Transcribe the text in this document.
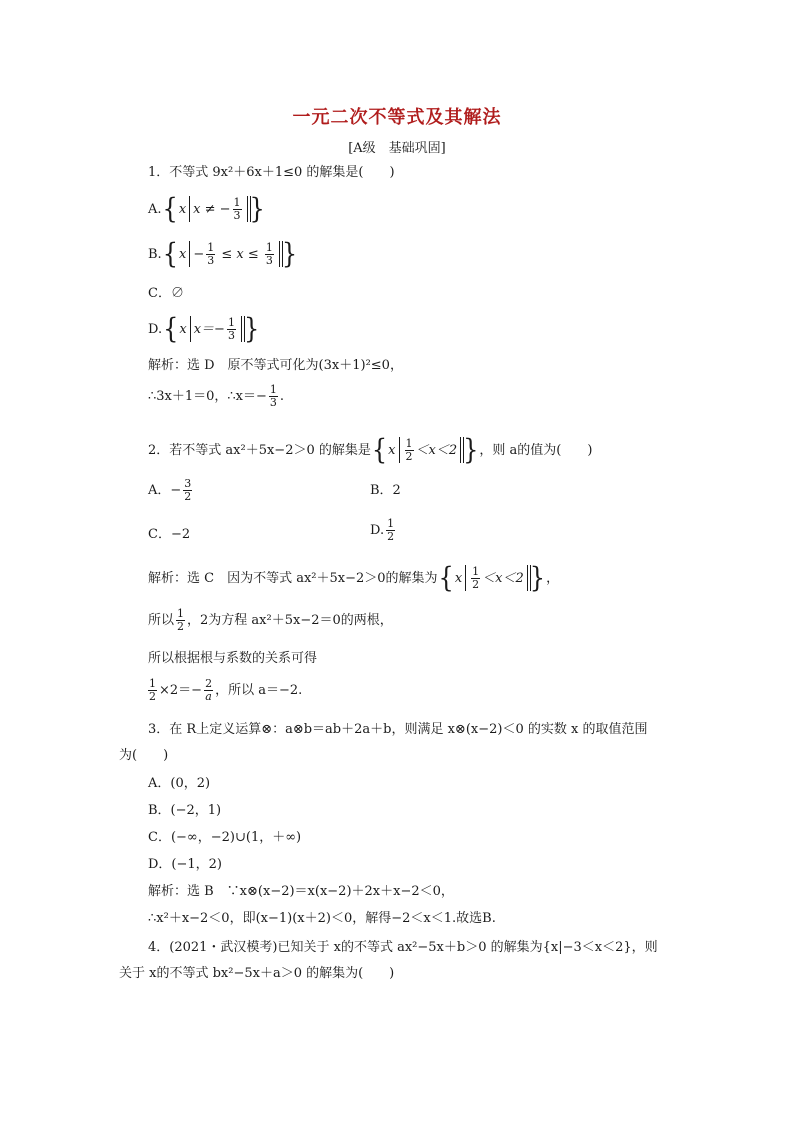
一元二次不等式及其解法
[A级　基础巩固]
1．不等式 9x²＋6x＋1≤0 的解集是(　　)
A. { x x ≠ − $\frac{1}{3}$ }
B. { $x - \frac{1}{3} \le x \le \frac{1}{3}$ }
C．∅
D. { x $x=- \frac{1}{3}$ }
解析：选 D　原不等式可化为(3x＋1)²≤0，
∴3x＋1＝0，∴x＝− $\frac{1}{3}$ .
2．若不等式 ax²＋5x−2＞0 的解集是 { x $\frac{1}{2} <x<2$ } ，则 a的值为(　　)
A．− $\frac{3}{2}$	B．2
C．−2	D. $\frac{1}{2}$
解析：选 C　因为不等式 ax²＋5x−2＞0的解集为 { x $\frac{1}{2} <x<2$ } ，
所以 $\frac{1}{2}$ ，2为方程 ax²＋5x−2＝0的两根，
所以根据根与系数的关系可得
$\frac{1}{2} \times 2=- \frac{2}{a}$ ，所以 a＝−2.
3．在 R上定义运算⊗：a⊗b＝ab＋2a＋b，则满足 x⊗(x−2)＜0 的实数 x 的取值范围
为(　　)
A．(0，2)
B．(−2，1)
C．(−∞，−2)∪(1，＋∞)
D．(−1，2)
解析：选 B　∵x⊗(x−2)＝x(x−2)＋2x＋x−2＜0，
∴x²＋x−2＜0，即(x−1)(x＋2)＜0，解得−2＜x＜1.故选B.
4．(2021・武汉模考)已知关于 x的不等式 ax²−5x＋b＞0 的解集为{x|−3＜x＜2}，则
关于 x的不等式 bx²−5x＋a＞0 的解集为(　　)
